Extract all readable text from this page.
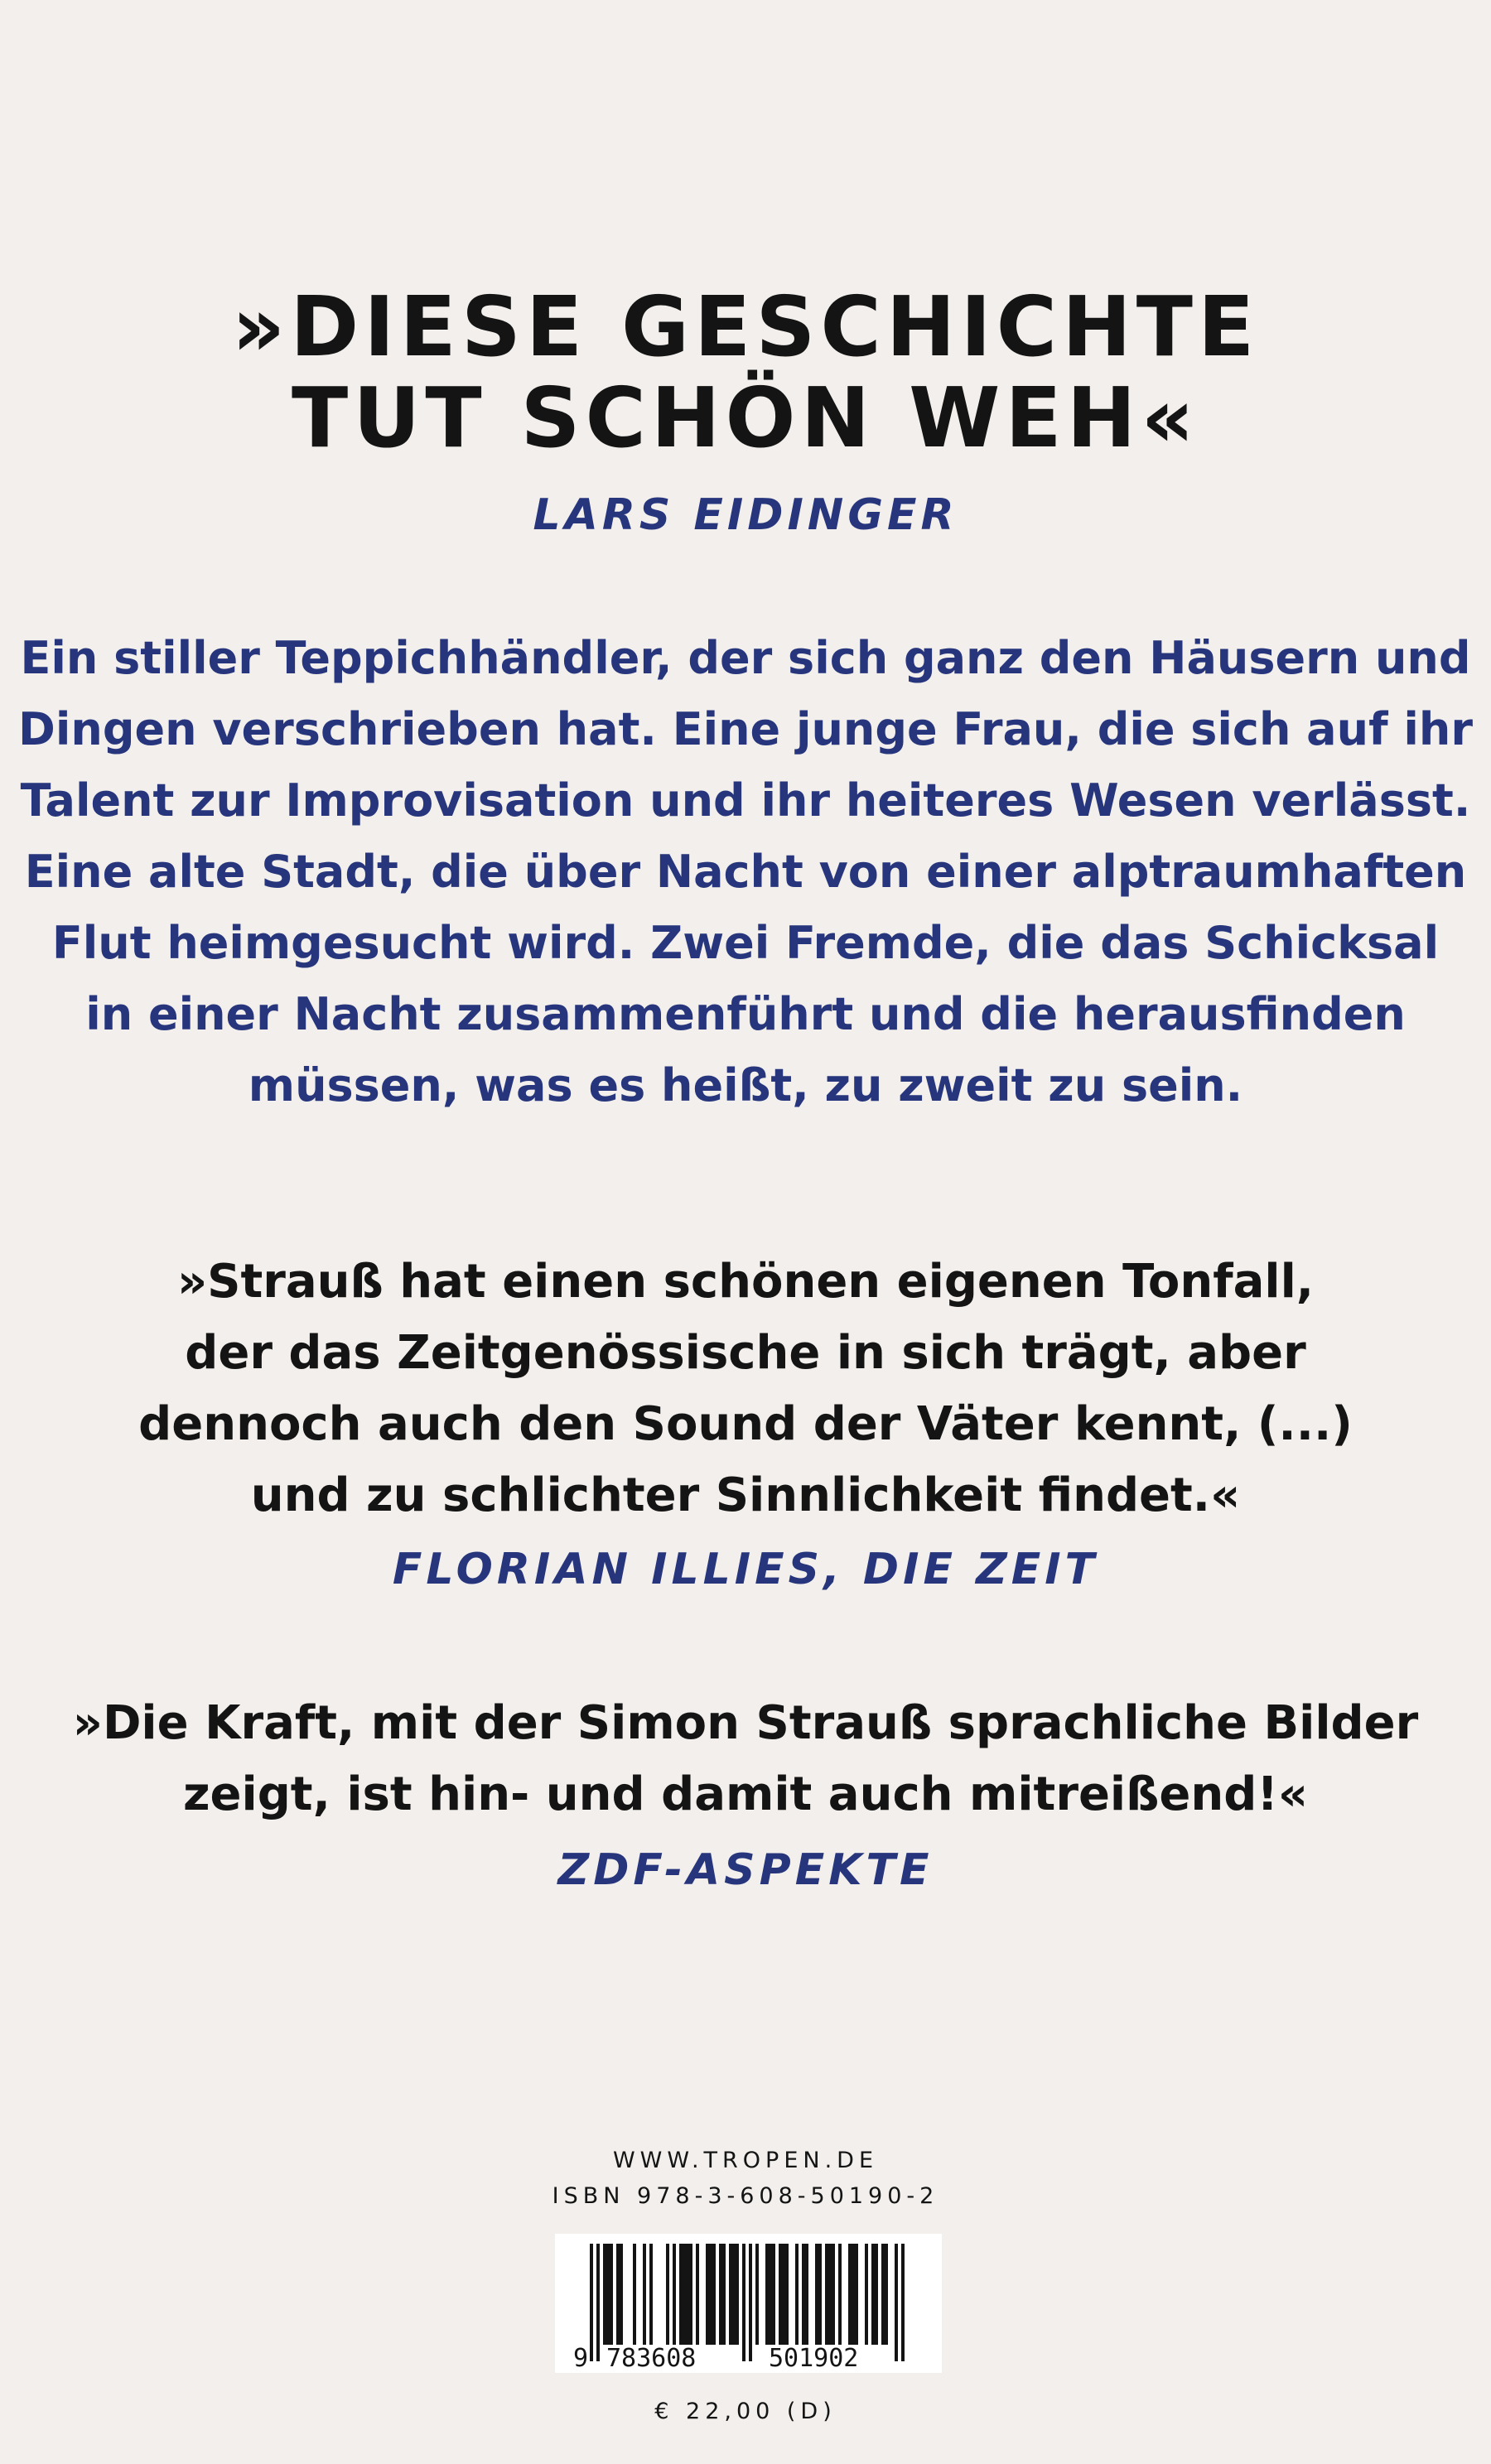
»DIESE GESCHICHTE
TUT SCHÖN WEH«
LARS EIDINGER
Ein stiller Teppichhändler, der sich ganz den Häusern und
Dingen verschrieben hat. Eine junge Frau, die sich auf ihr
Talent zur Improvisation und ihr heiteres Wesen verlässt.
Eine alte Stadt, die über Nacht von einer alptraumhaften
Flut heimgesucht wird. Zwei Fremde, die das Schicksal
in einer Nacht zusammenführt und die herausfinden
müssen, was es heißt, zu zweit zu sein.
»Strauß hat einen schönen eigenen Tonfall,
der das Zeitgenössische in sich trägt, aber
dennoch auch den Sound der Väter kennt, (...)
und zu schlichter Sinnlichkeit findet.«
FLORIAN ILLIES, DIE ZEIT
»Die Kraft, mit der Simon Strauß sprachliche Bilder
zeigt, ist hin- und damit auch mitreißend!«
ZDF-ASPEKTE
WWW.TROPEN.DE
ISBN 978-3-608-50190-2
9 783608	501902
€ 22,00 (D)
